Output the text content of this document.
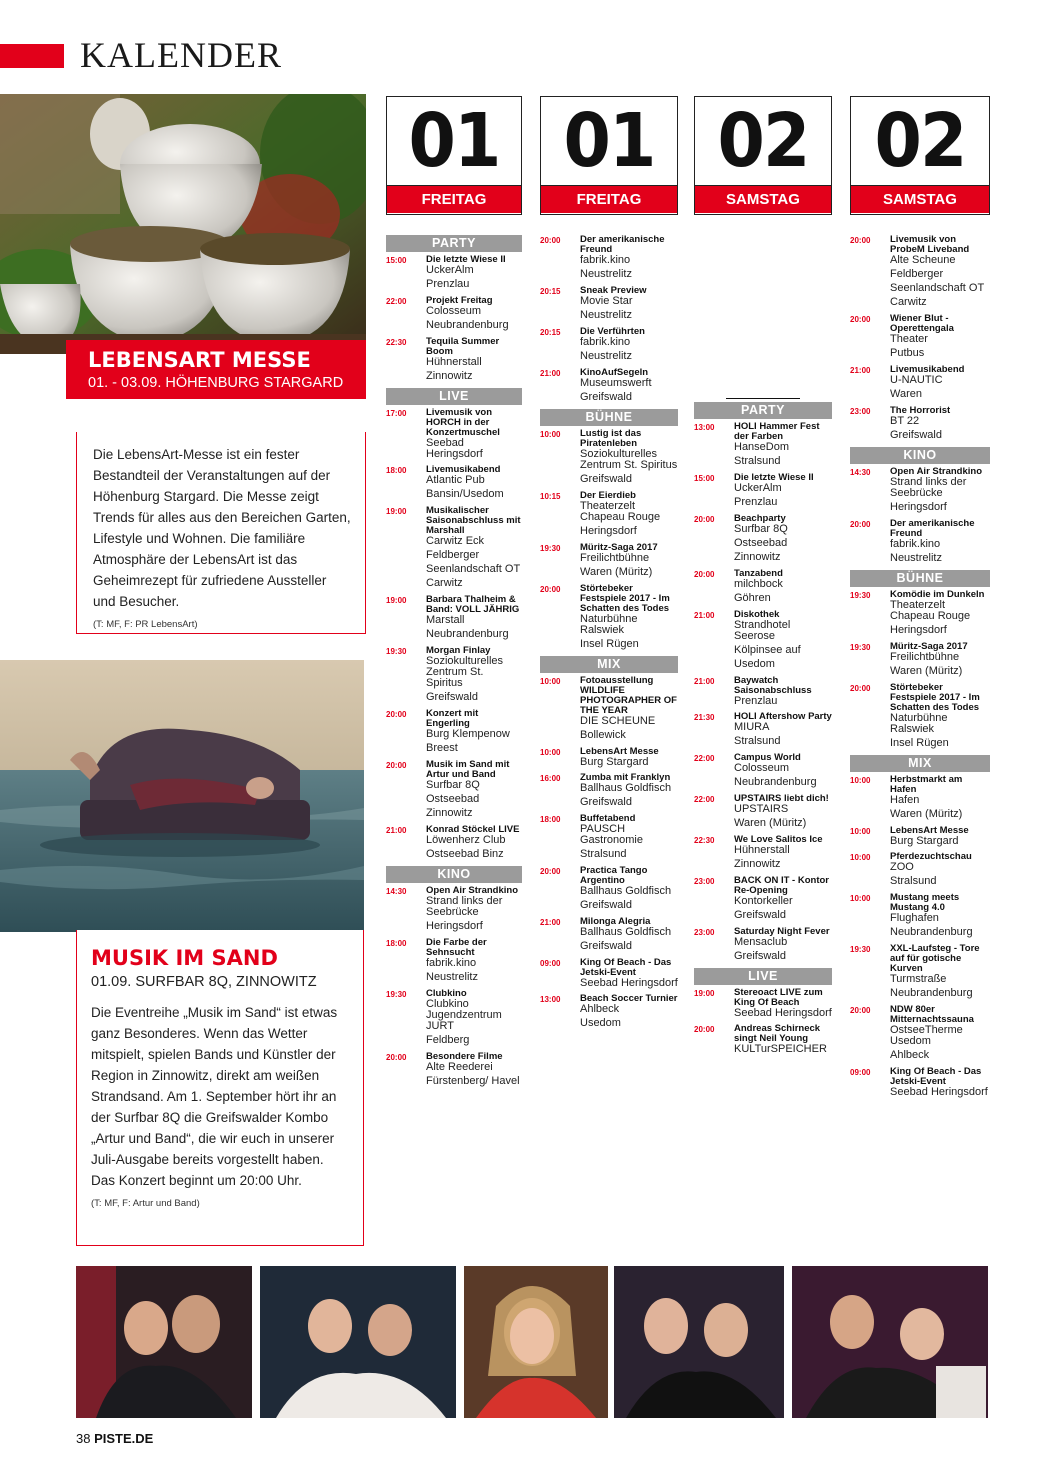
KALENDER
LEBENSART MESSE
01. - 03.09. HÖHENBURG STARGARD

Die LebensArt-Messe ist ein fester Bestandteil der Veranstaltungen auf der Höhenburg Stargard. Die Messe zeigt Trends für alles aus den Bereichen Garten, Lifestyle und Wohnen. Die familiäre Atmosphäre der LebensArt ist das Geheimrezept für zufriedene Aussteller und Besucher.

(T: MF, F: PR LebensArt)

MUSIK IM SAND
01.09. SURFBAR 8Q, ZINNOWITZ

Die Eventreihe „Musik im Sand“ ist etwas ganz Besonderes. Wenn das Wetter mitspielt, spielen Bands und Künstler der Region in Zinnowitz, direkt am weißen Strandsand. Am 1. September hört ihr an der Surfbar 8Q die Greifswalder Kombo „Artur und Band“, die wir euch in unserer Juli-Ausgabe bereits vorgestellt haben. Das Konzert beginnt um 20:00 Uhr.

(T: MF, F: Artur und Band)

01
FREITAG
01
FREITAG
02
SAMSTAG
02
SAMSTAG
PARTY
15:00 Die letzte Wiese II
UckerAlm
Prenzlau
22:00 Projekt Freitag
Colosseum
Neubrandenburg
22:30 Tequila Summer Boom
Hühnerstall
Zinnowitz
LIVE
17:00 Livemusik von HORCH in der Konzertmuschel
Seebad Heringsdorf
18:00 Livemusikabend
Atlantic Pub
Bansin/Usedom
19:00 Musikalischer Saisonabschluss mit Marshall
Carwitz Eck
Feldberger Seenlandschaft OT Carwitz
19:00 Barbara Thalheim & Band: VOLL JÄHRIG
Marstall
Neubrandenburg
19:30 Morgan Finlay
Soziokulturelles Zentrum St. Spiritus
Greifswald
20:00 Konzert mit Engerling
Burg Klempenow
Breest
20:00 Musik im Sand mit Artur und Band
Surfbar 8Q
Ostseebad Zinnowitz
21:00 Konrad Stöckel LIVE
Löwenherz Club
Ostseebad Binz
KINO
14:30 Open Air Strandkino
Strand links der Seebrücke
Heringsdorf
18:00 Die Farbe der Sehnsucht
fabrik.kino
Neustrelitz
19:30 Clubkino
Clubkino Jugendzentrum JURT
Feldberg
20:00 Besondere Filme
Alte Reederei
Fürstenberg/ Havel
20:00 Der amerikanische Freund
fabrik.kino
Neustrelitz
20:15 Sneak Preview
Movie Star
Neustrelitz
20:15 Die Verführten
fabrik.kino
Neustrelitz
21:00 KinoAufSegeln
Museumswerft
Greifswald
BÜHNE
10:00 Lustig ist das Piratenleben
Soziokulturelles Zentrum St. Spiritus
Greifswald
10:15 Der Eierdieb
Theaterzelt Chapeau Rouge
Heringsdorf
19:30 Müritz-Saga 2017
Freilichtbühne
Waren (Müritz)
20:00 Störtebeker Festspiele 2017 - Im Schatten des Todes
Naturbühne Ralswiek
Insel Rügen
MIX
10:00 Fotoausstellung WILDLIFE PHOTOGRAPHER OF THE YEAR
DIE SCHEUNE
Bollewick
10:00 LebensArt Messe
Burg Stargard
16:00 Zumba mit Franklyn
Ballhaus Goldfisch
Greifswald
18:00 Buffetabend
PAUSCH Gastronomie
Stralsund
20:00 Practica Tango Argentino
Ballhaus Goldfisch
Greifswald
21:00 Milonga Alegria
Ballhaus Goldfisch
Greifswald
09:00 King Of Beach - Das Jetski-Event
Seebad Heringsdorf
13:00 Beach Soccer Turnier
Ahlbeck
Usedom
PARTY
13:00 HOLI Hammer Fest der Farben
HanseDom
Stralsund
15:00 Die letzte Wiese II
UckerAlm
Prenzlau
20:00 Beachparty
Surfbar 8Q
Ostseebad Zinnowitz
20:00 Tanzabend
milchbock
Göhren
21:00 Diskothek
Strandhotel Seerose
Kölpinsee auf Usedom
21:00 Baywatch Saisonabschluss
Prenzlau
21:30 HOLI Aftershow Party
MIURA
Stralsund
22:00 Campus World
Colosseum
Neubrandenburg
22:00 UPSTAIRS liebt dich!
UPSTAIRS
Waren (Müritz)
22:30 We Love Salitos Ice
Hühnerstall
Zinnowitz
23:00 BACK ON IT - Kontor Re-Opening
Kontorkeller
Greifswald
23:00 Saturday Night Fever
Mensaclub
Greifswald
LIVE
19:00 Stereoact LIVE zum King Of Beach
Seebad Heringsdorf
20:00 Andreas Schirneck singt Neil Young
KULTurSPEICHER
20:00 Livemusik von ProbeM Liveband
Alte Scheune
Feldberger Seenlandschaft OT Carwitz
20:00 Wiener Blut - Operettengala
Theater
Putbus
21:00 Livemusikabend
U-NAUTIC
Waren
23:00 The Horrorist
BT 22
Greifswald
KINO
14:30 Open Air Strandkino
Strand links der Seebrücke
Heringsdorf
20:00 Der amerikanische Freund
fabrik.kino
Neustrelitz
BÜHNE
19:30 Komödie im Dunkeln
Theaterzelt Chapeau Rouge
Heringsdorf
19:30 Müritz-Saga 2017
Freilichtbühne
Waren (Müritz)
20:00 Störtebeker Festspiele 2017 - Im Schatten des Todes
Naturbühne Ralswiek
Insel Rügen
MIX
10:00 Herbstmarkt am Hafen
Hafen
Waren (Müritz)
10:00 LebensArt Messe
Burg Stargard
10:00 Pferdezuchtschau
ZOO
Stralsund
10:00 Mustang meets Mustang 4.0
Flughafen
Neubrandenburg
19:30 XXL-Laufsteg - Tore auf für gotische Kurven
Turmstraße
Neubrandenburg
20:00 NDW 80er Mitternachtssauna
OstseeTherme Usedom
Ahlbeck
09:00 King Of Beach - Das Jetski-Event
Seebad Heringsdorf
38 PISTE.DE
